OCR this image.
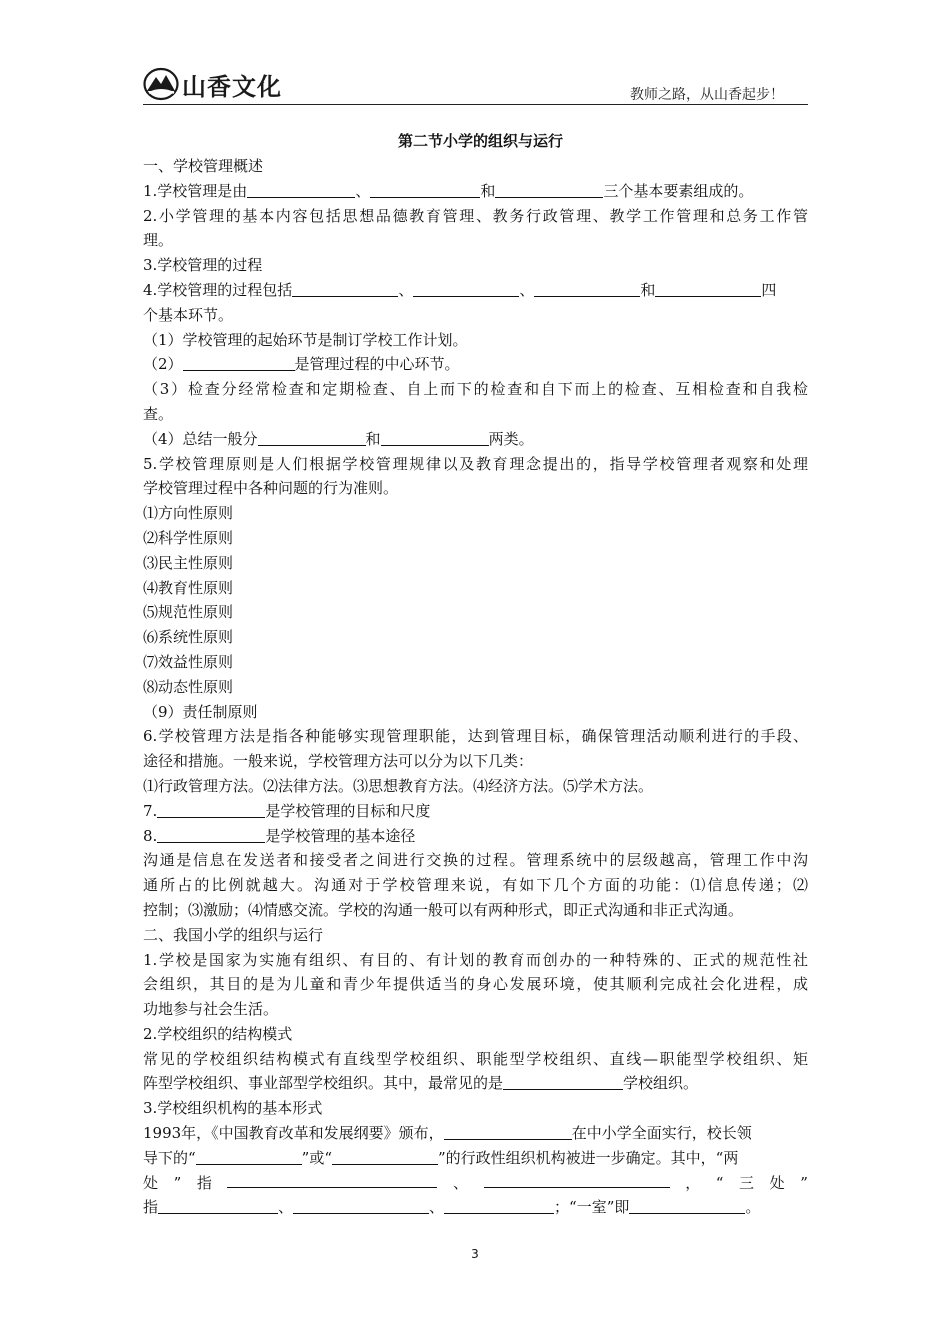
山香文化	教师之路，从山香起步！
第二节小学的组织与运行
一、学校管理概述
1.学校管理是由	、	和	三个基本要素组成的。
2.小学管理的基本内容包括思想品德教育管理、教务行政管理、教学工作管理和总务工作管
理。
3.学校管理的过程
4.学校管理的过程包括	、	、	和	四
个基本环节。
（1）学校管理的起始环节是制订学校工作计划。
（2）	是管理过程的中心环节。
（3）检查分经常检查和定期检查、自上而下的检查和自下而上的检查、互相检查和自我检
查。
（4）总结一般分	和	两类。
5.学校管理原则是人们根据学校管理规律以及教育理念提出的，指导学校管理者观察和处理
学校管理过程中各种问题的行为准则。
⑴方向性原则
⑵科学性原则
⑶民主性原则
⑷教育性原则
⑸规范性原则
⑹系统性原则
⑺效益性原则
⑻动态性原则
（9）责任制原则
6.学校管理方法是指各种能够实现管理职能，达到管理目标，确保管理活动顺利进行的手段、
途径和措施。一般来说，学校管理方法可以分为以下几类：
⑴行政管理方法。⑵法律方法。⑶思想教育方法。⑷经济方法。⑸学术方法。
7.	是学校管理的目标和尺度
8.	是学校管理的基本途径
沟通是信息在发送者和接受者之间进行交换的过程。管理系统中的层级越高，管理工作中沟
通所占的比例就越大。沟通对于学校管理来说，有如下几个方面的功能：⑴信息传递；⑵
控制；⑶激励；⑷情感交流。学校的沟通一般可以有两种形式，即正式沟通和非正式沟通。
二、我国小学的组织与运行
1.学校是国家为实施有组织、有目的、有计划的教育而创办的一种特殊的、正式的规范性社
会组织，其目的是为儿童和青少年提供适当的身心发展环境，使其顺利完成社会化进程，成
功地参与社会生活。
2.学校组织的结构模式
常见的学校组织结构模式有直线型学校组织、职能型学校组织、直线—职能型学校组织、矩
阵型学校组织、事业部型学校组织。其中，最常见的是	学校组织。
3.学校组织机构的基本形式
1993年，《中国教育改革和发展纲要》颁布，	在中小学全面实行，校长领
导下的“	”或“	”的行政性组织机构被进一步确定。其中，“两
处 ” 指	、	， “ 三 处 ”
指	、	、	；“一室”即	。
3
